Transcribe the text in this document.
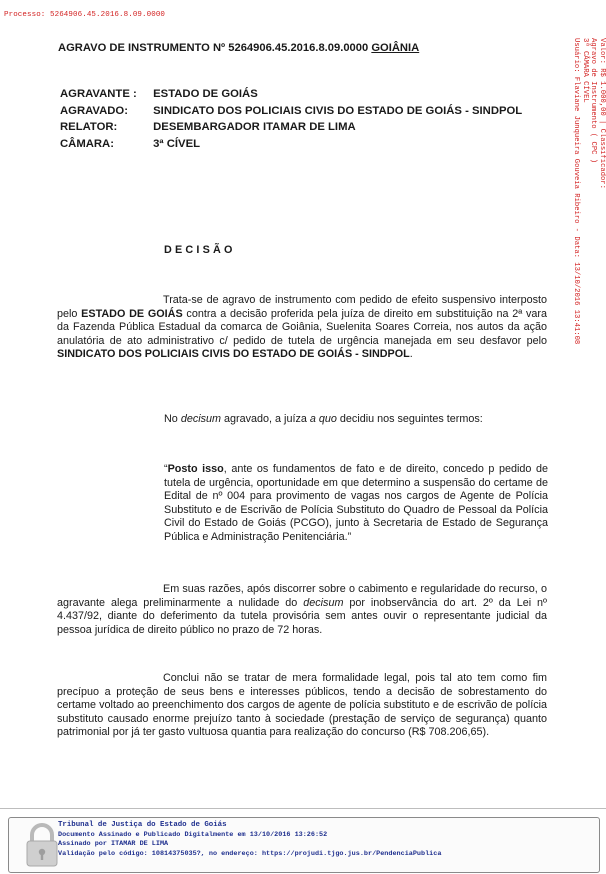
Processo: 5264906.45.2016.8.09.0000
AGRAVO DE INSTRUMENTO Nº 5264906.45.2016.8.09.0000 GOIÂNIA
AGRAVANTE : ESTADO DE GOIÁS
AGRAVADO: SINDICATO DOS POLICIAIS CIVIS DO ESTADO DE GOIÁS - SINDPOL
RELATOR:	DESEMBARGADOR ITAMAR DE LIMA
CÂMARA:	3ª CÍVEL
DECISÃO
Trata-se de agravo de instrumento com pedido de efeito suspensivo interposto pelo ESTADO DE GOIÁS contra a decisão proferida pela juíza de direito em substituição na 2ª vara da Fazenda Pública Estadual da comarca de Goiânia, Suelenita Soares Correia, nos autos da ação anulatória de ato administrativo c/ pedido de tutela de urgência manejada em seu desfavor pelo SINDICATO DOS POLICIAIS CIVIS DO ESTADO DE GOIÁS - SINDPOL.
No decisum agravado, a juíza a quo decidiu nos seguintes termos:
“Posto isso, ante os fundamentos de fato e de direito, concedo p pedido de tutela de urgência, oportunidade em que determino a suspensão do certame de Edital de nº 004 para provimento de vagas nos cargos de Agente de Polícia Substituto e de Escrivão de Polícia Substituto do Quadro de Pessoal da Polícia Civil do Estado de Goiás (PCGO), junto à Secretaria de Estado de Segurança Pública e Administração Penitenciária.”
Em suas razões, após discorrer sobre o cabimento e regularidade do recurso, o agravante alega preliminarmente a nulidade do decisum por inobservância do art. 2º da Lei nº 4.437/92, diante do deferimento da tutela provisória sem antes ouvir o representante judicial da pessoa jurídica de direito público no prazo de 72 horas.
Conclui não se tratar de mera formalidade legal, pois tal ato tem como fim precípuo a proteção de seus bens e interesses públicos, tendo a decisão de sobrestamento do certame voltado ao preenchimento dos cargos de agente de polícia substituto e de escrivão de polícia substituto causado enorme prejuízo tanto à sociedade (prestação de serviço de segurança) quanto patrimonial por já ter gasto vultuosa quantia para realização do concurso (R$ 708.206,65).
Valor: R$ 1.000,00 | Classificador:
Agravo de Instrumento ( CPC )
3ª CÂMARA CÍVEL
Usuário: Flaviane Junqueira Gouveia Ribeiro - Data: 13/10/2016 13:41:08
Tribunal de Justiça do Estado de Goiás
Documento Assinado e Publicado Digitalmente em 13/10/2016 13:26:52
Assinado por ITAMAR DE LIMA
Validação pelo código: 10814375035?, no endereço: https://projudi.tjgo.jus.br/PendenciaPublica
